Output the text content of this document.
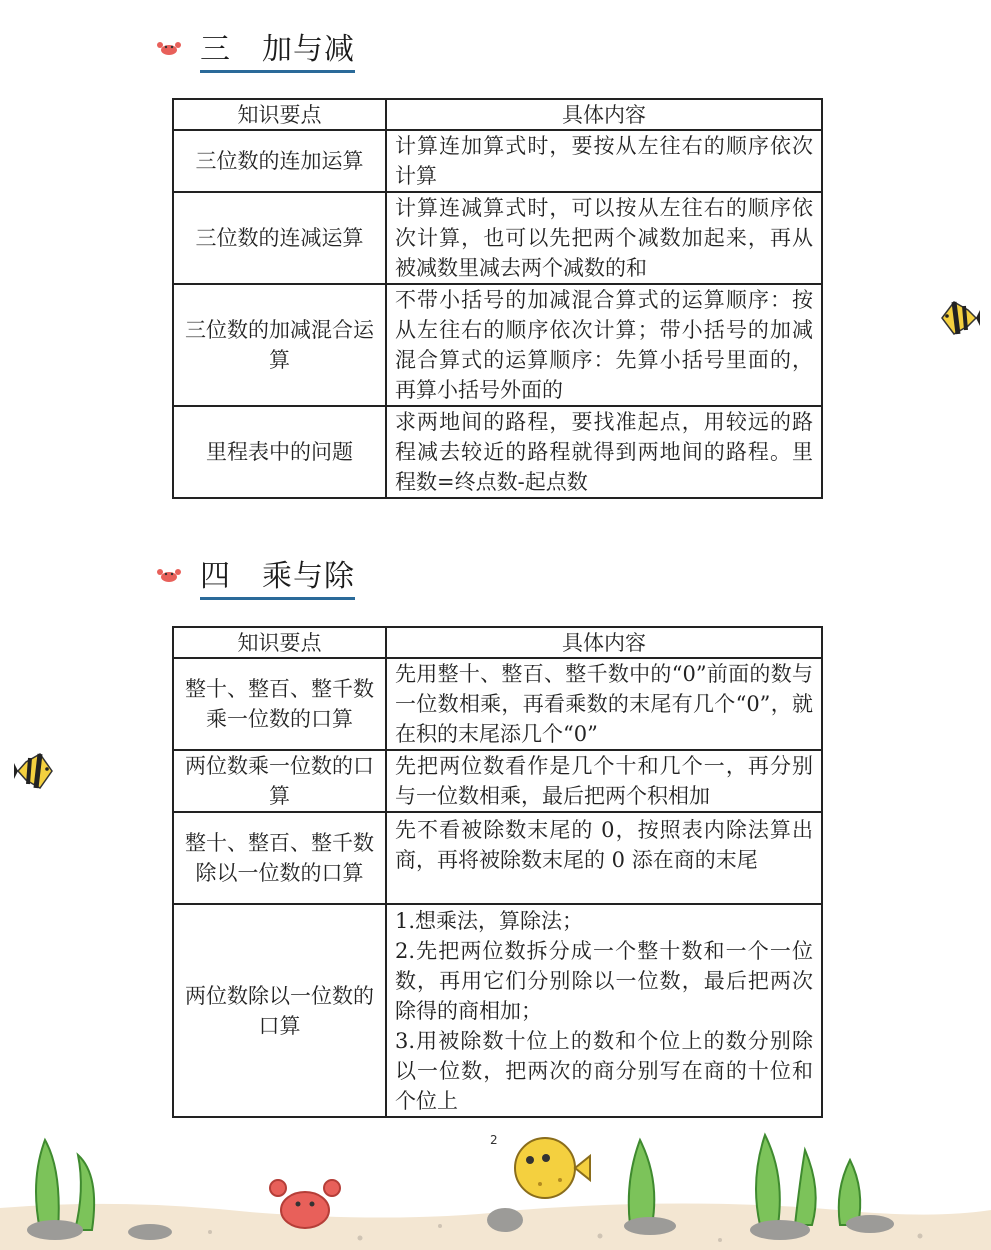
三　加与减
知识要点	具体内容
三位数的连加运算	计算连加算式时，要按从左往右的顺序依次计算

三位数的连减运算	计算连减算式时，可以按从左往右的顺序依次计算，也可以先把两个减数加起来，再从被减数里减去两个减数的和

三位数的加减混合运算	不带小括号的加减混合算式的运算顺序：按从左往右的顺序依次计算；带小括号的加减混合算式的运算顺序：先算小括号里面的，再算小括号外面的

里程表中的问题	求两地间的路程，要找准起点，用较远的路程减去较近的路程就得到两地间的路程。里程数=终点数-起点数

四　乘与除
知识要点	具体内容
整十、整百、整千数乘一位数的口算	先用整十、整百、整千数中的“0”前面的数与一位数相乘，再看乘数的末尾有几个“0”，就在积的末尾添几个“0”

两位数乘一位数的口算	先把两位数看作是几个十和几个一，再分别与一位数相乘，最后把两个积相加

整十、整百、整千数除以一位数的口算	先不看被除数末尾的 0，按照表内除法算出商，再将被除数末尾的 0 添在商的末尾

两位数除以一位数的口算	1.想乘法，算除法；

2.先把两位数拆分成一个整十数和一个一位数，再用它们分别除以一位数，最后把两次除得的商相加；

3.用被除数十位上的数和个位上的数分别除以一位数，把两次的商分别写在商的十位和个位上

2
